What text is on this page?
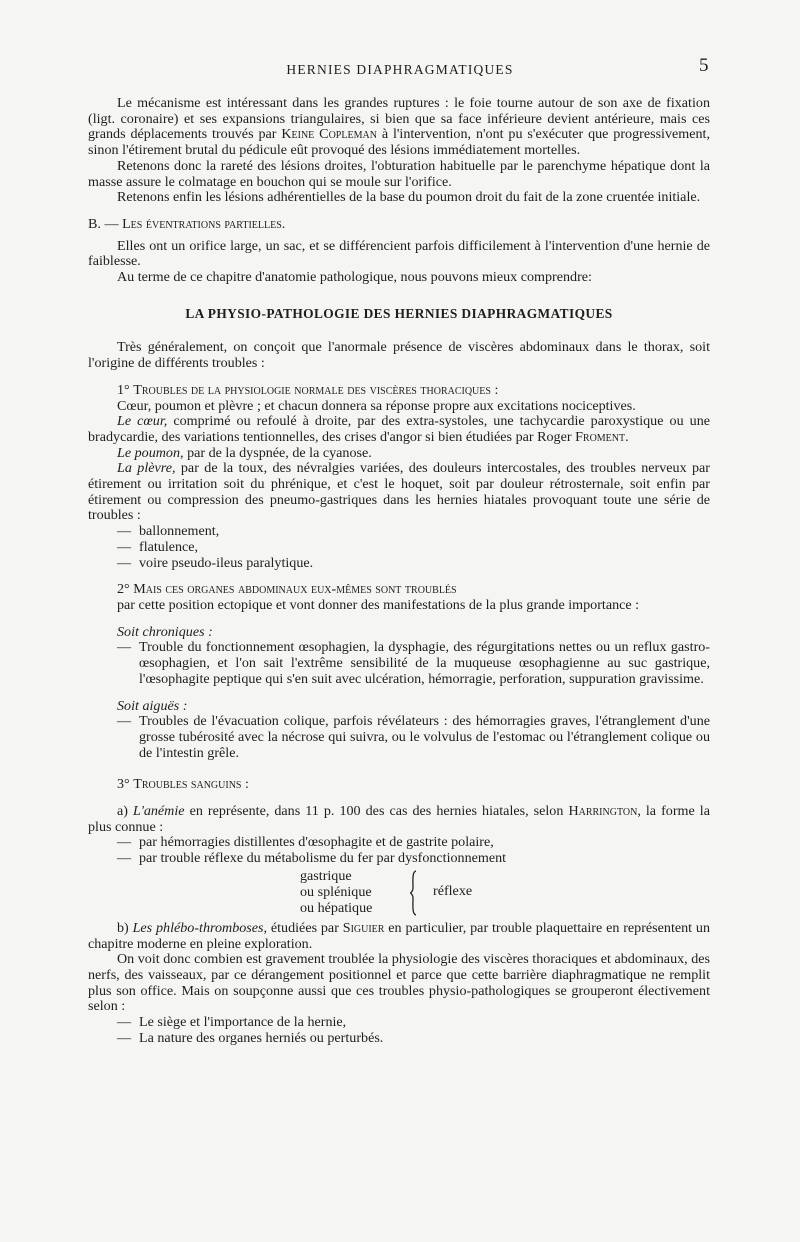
HERNIES DIAPHRAGMATIQUES	5

Le mécanisme est intéressant dans les grandes ruptures : le foie tourne autour de son axe de fixation (ligt. coronaire) et ses expansions triangulaires, si bien que sa face inférieure devient antérieure, mais ces grands déplacements trouvés par Keine Copleman à l'intervention, n'ont pu s'exécuter que progressivement, sinon l'étirement brutal du pédicule eût provoqué des lésions immédiatement mortelles.

Retenons donc la rareté des lésions droites, l'obturation habituelle par le parenchyme hépatique dont la masse assure le colmatage en bouchon qui se moule sur l'orifice.

Retenons enfin les lésions adhérentielles de la base du poumon droit du fait de la zone cruentée initiale.

B. — Les éventrations partielles.

Elles ont un orifice large, un sac, et se différencient parfois difficilement à l'intervention d'une hernie de faiblesse.

Au terme de ce chapitre d'anatomie pathologique, nous pouvons mieux comprendre:

LA PHYSIO-PATHOLOGIE DES HERNIES DIAPHRAGMATIQUES

Très généralement, on conçoit que l'anormale présence de viscères abdominaux dans le thorax, soit l'origine de différents troubles :

1° Troubles de la physiologie normale des viscères thoraciques :

Cœur, poumon et plèvre ; et chacun donnera sa réponse propre aux excitations nociceptives.

Le cœur, comprimé ou refoulé à droite, par des extra-systoles, une tachycardie paroxystique ou une bradycardie, des variations tentionnelles, des crises d'angor si bien étudiées par Roger Froment.

Le poumon, par de la dyspnée, de la cyanose.

La plèvre, par de la toux, des névralgies variées, des douleurs intercostales, des troubles nerveux par étirement ou irritation soit du phrénique, et c'est le hoquet, soit par douleur rétrosternale, soit enfin par étirement ou compression des pneumo-gastriques dans les hernies hiatales provoquant toute une série de troubles :

— ballonnement,
— flatulence,
— voire pseudo-ileus paralytique.

2° Mais ces organes abdominaux eux-mêmes sont troublés

par cette position ectopique et vont donner des manifestations de la plus grande importance :

Soit chroniques :

— Trouble du fonctionnement œsophagien, la dysphagie, des régurgitations nettes ou un reflux gastro-œsophagien, et l'on sait l'extrême sensibilité de la muqueuse œsophagienne au suc gastrique, l'œsophagite peptique qui s'en suit avec ulcération, hémorragie, perforation, suppuration gravissime.

Soit aiguës :

— Troubles de l'évacuation colique, parfois révélateurs : des hémorragies graves, l'étranglement d'une grosse tubérosité avec la nécrose qui suivra, ou le volvulus de l'estomac ou l'étranglement colique ou de l'intestin grêle.

3° Troubles sanguins :

a) L'anémie en représente, dans 11 p. 100 des cas des hernies hiatales, selon Harrington, la forme la plus connue :

— par hémorragies distillentes d'œsophagite et de gastrite polaire,
— par trouble réflexe du métabolisme du fer par dysfonctionnement
gastrique
ou splénique
ou hépatique
réflexe

b) Les phlébo-thromboses, étudiées par Siguier en particulier, par trouble plaquettaire en représentent un chapitre moderne en pleine exploration.

On voit donc combien est gravement troublée la physiologie des viscères thoraciques et abdominaux, des nerfs, des vaisseaux, par ce dérangement positionnel et parce que cette barrière diaphragmatique ne remplit plus son office. Mais on soupçonne aussi que ces troubles physio-pathologiques se grouperont électivement selon :

— Le siège et l'importance de la hernie,
— La nature des organes herniés ou perturbés.
